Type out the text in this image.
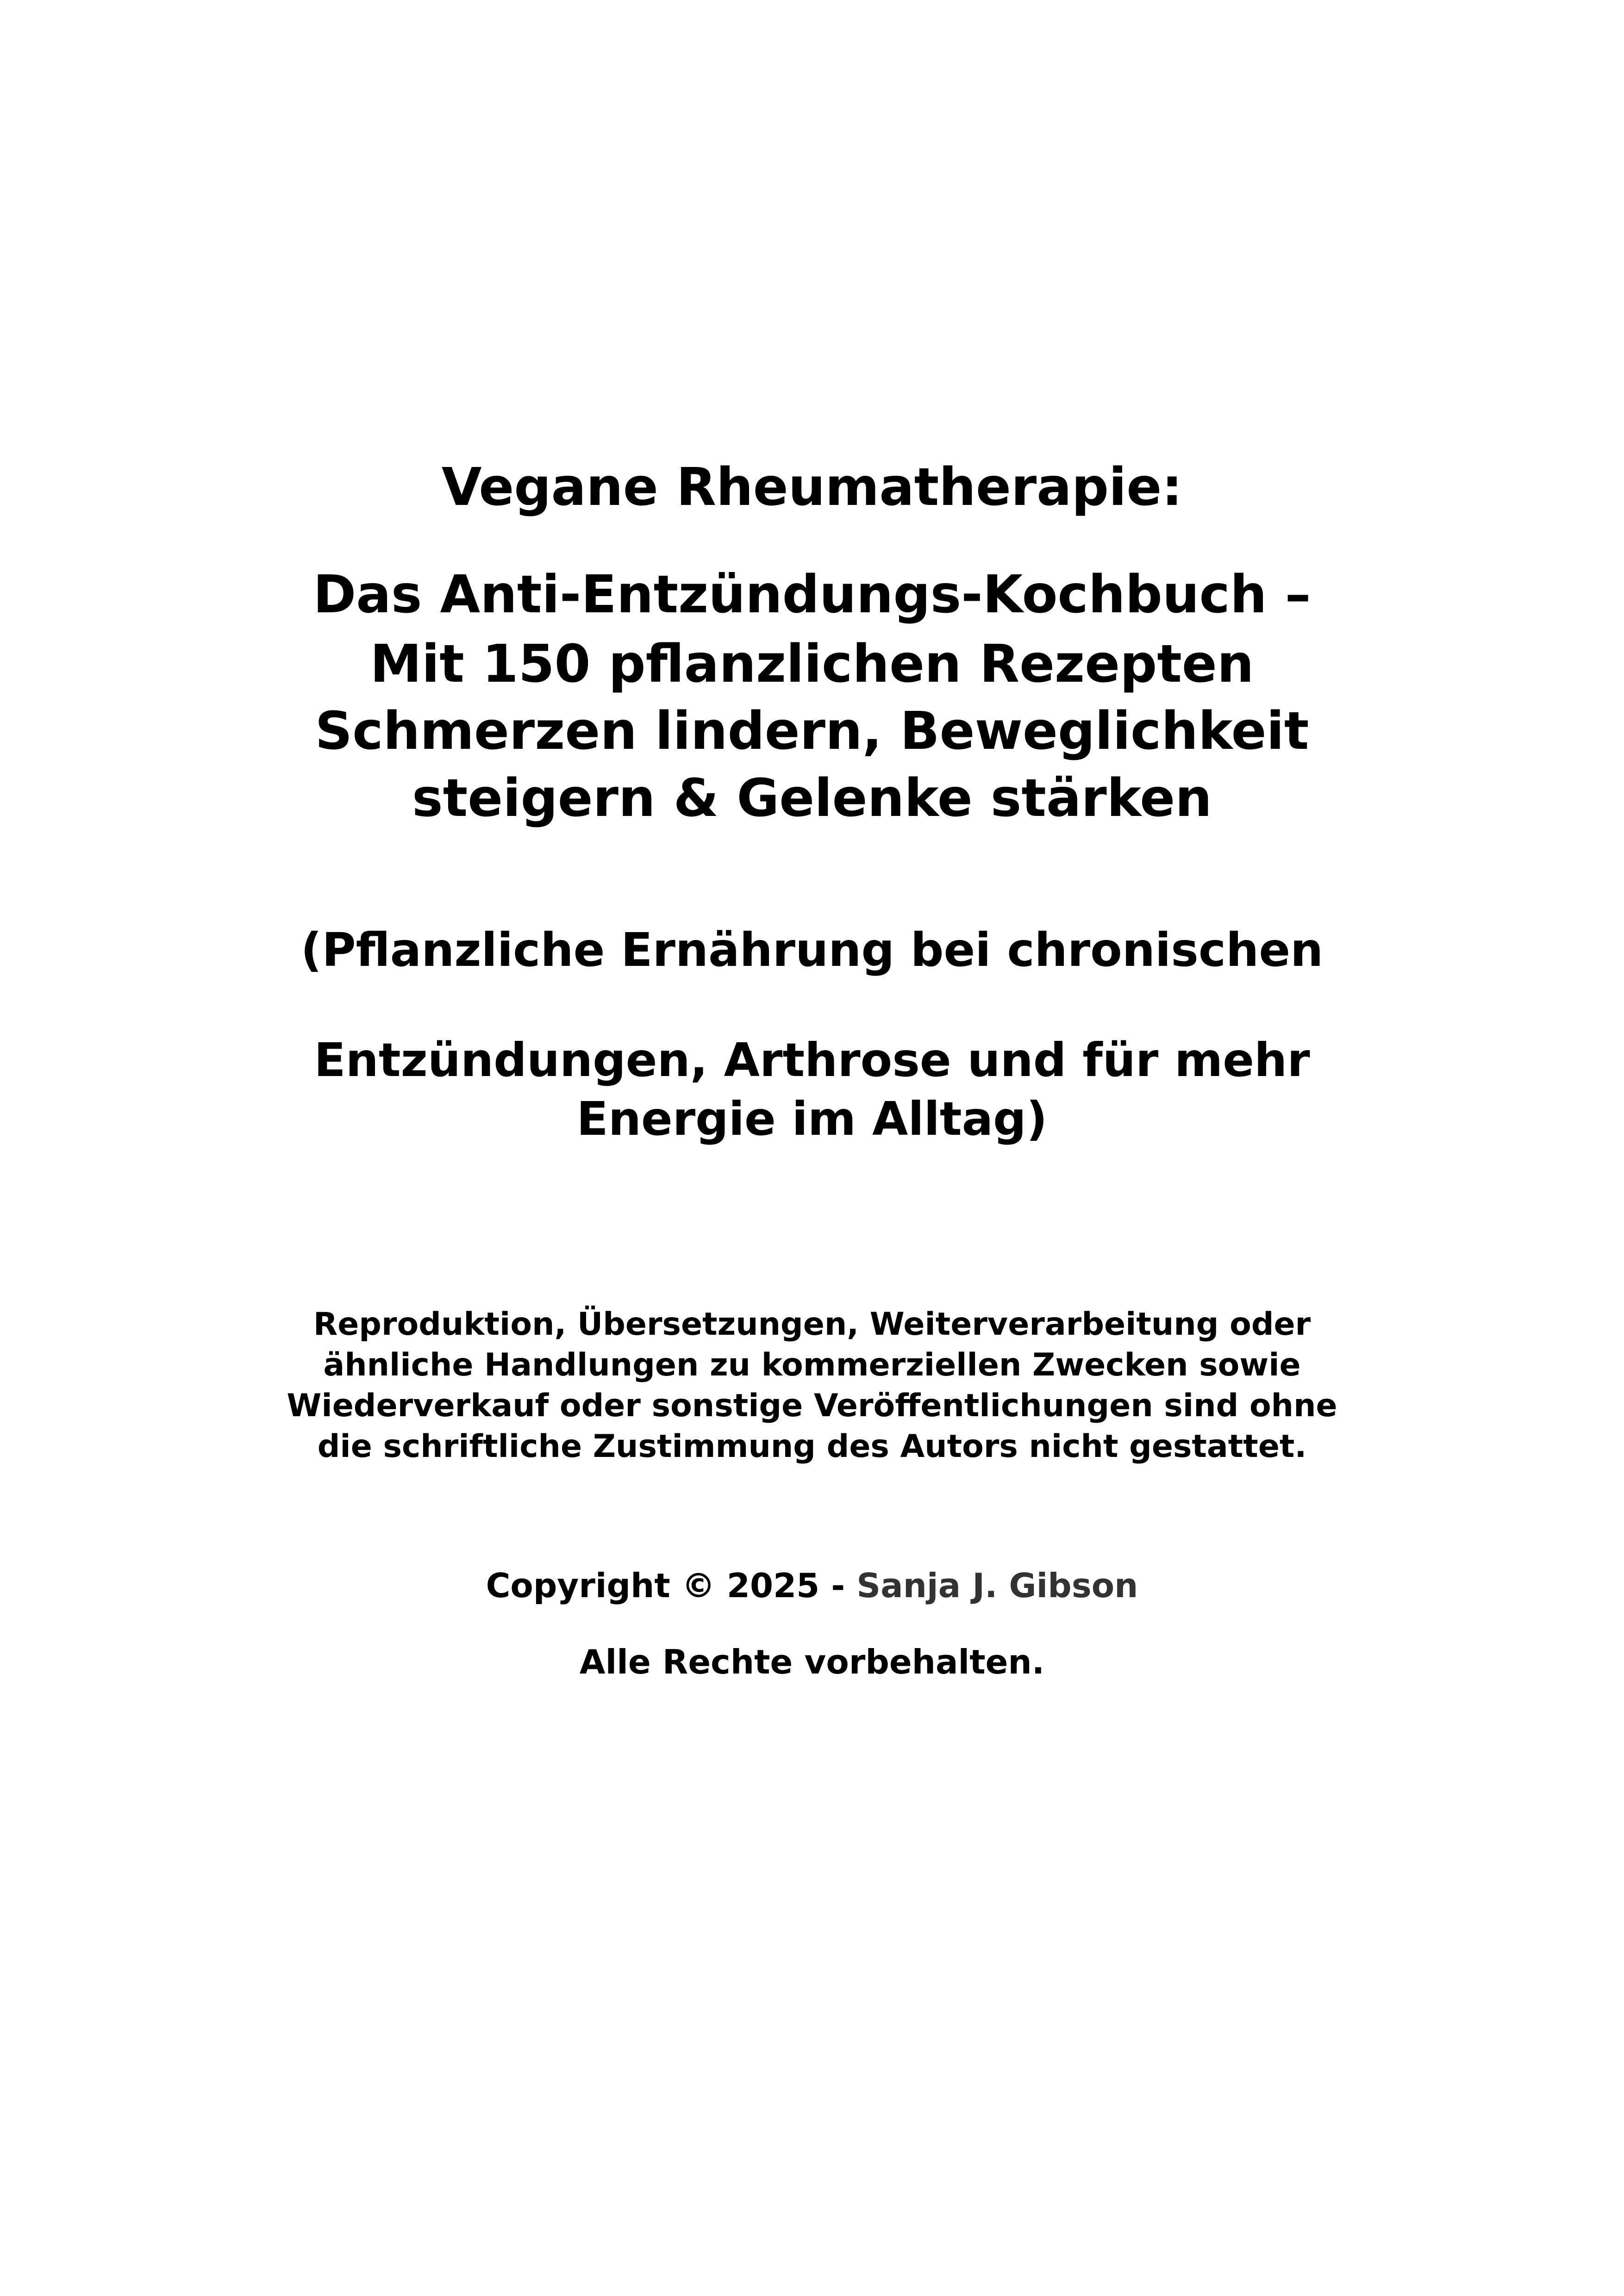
Vegane Rheumatherapie:

Das Anti-Entzündungs-Kochbuch –

Mit 150 pflanzlichen Rezepten

Schmerzen lindern, Beweglichkeit

steigern & Gelenke stärken

(Pflanzliche Ernährung bei chronischen

Entzündungen, Arthrose und für mehr

Energie im Alltag)

Reproduktion, Übersetzungen, Weiterverarbeitung oder

ähnliche Handlungen zu kommerziellen Zwecken sowie

Wiederverkauf oder sonstige Veröffentlichungen sind ohne

die schriftliche Zustimmung des Autors nicht gestattet.

Copyright © 2025 - Sanja J. Gibson

Alle Rechte vorbehalten.
